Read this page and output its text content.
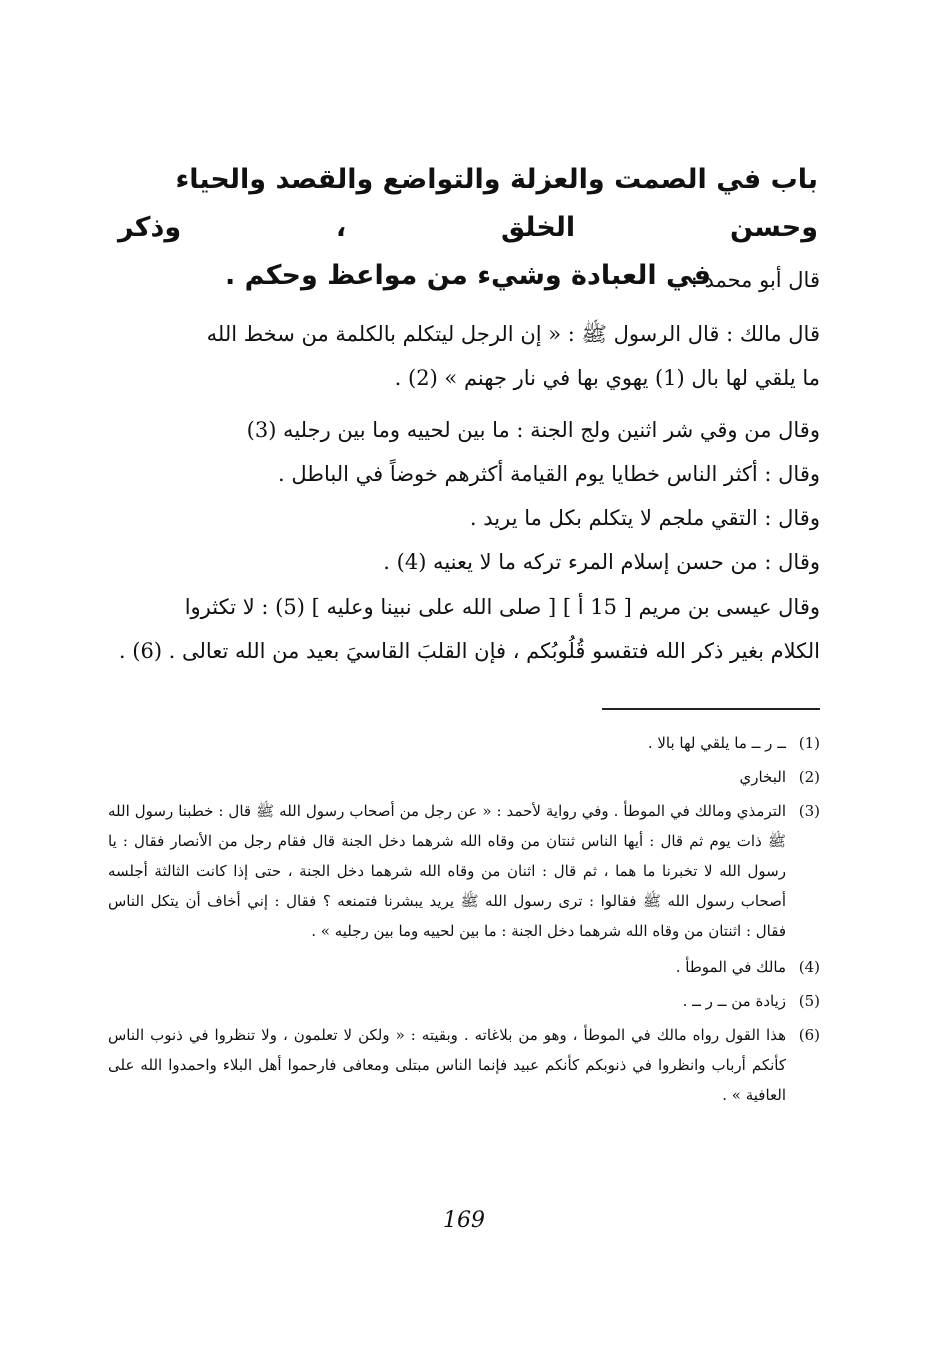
باب في الصمت والعزلة والتواضع والقصد والحياء وحسن الخلق ، وذكر
في العبادة وشيء من مواعظ وحكم .

قال أبو محمد :

قال مالك : قال الرسول ﷺ : « إن الرجل ليتكلم بالكلمة من سخط الله
ما يلقي لها بال (1) يهوي بها في نار جهنم » (2) .

وقال من وقي شر اثنين ولج الجنة : ما بين لحييه وما بين رجليه (3)
وقال : أكثر الناس خطايا يوم القيامة أكثرهم خوضاً في الباطل .
وقال : التقي ملجم لا يتكلم بكل ما يريد .
وقال : من حسن إسلام المرء تركه ما لا يعنيه (4) .

وقال عيسى بن مريم [ 15 أ ] [ صلى الله على نبينا وعليه ] (5) : لا تكثروا
الكلام بغير ذكر الله فتقسو قُلُوبُكم ، فإن القلبَ القاسيَ بعيد من الله تعالى . (6) .

(1)
ــ ر ــ ما يلقي لها بالا .

(2)
البخاري

(3)
الترمذي ومالك في الموطأ . وفي رواية لأحمد : « عن رجل من أصحاب رسول الله ﷺ قال : خطبنا رسول الله ﷺ ذات يوم ثم قال : أيها الناس ثنتان من وقاه الله شرهما دخل الجنة قال فقام رجل من الأنصار فقال : يا رسول الله لا تخبرنا ما هما ، ثم قال : اثنان من وقاه الله شرهما دخل الجنة ، حتى إذا كانت الثالثة أجلسه أصحاب رسول الله ﷺ فقالوا : ترى رسول الله ﷺ يريد يبشرنا فتمنعه ؟ فقال : إني أخاف أن يتكل الناس فقال : اثنتان من وقاه الله شرهما دخل الجنة : ما بين لحييه وما بين رجليه » .

(4)
مالك في الموطأ .

(5)
زيادة من ــ ر ــ .

(6)
هذا القول رواه مالك في الموطأ ، وهو من بلاغاته . وبقيته : « ولكن لا تعلمون ، ولا تنظروا في ذنوب الناس كأنكم أرباب وانظروا في ذنوبكم كأنكم عبيد فإنما الناس مبتلى ومعافى فارحموا أهل البلاء واحمدوا الله على العافية » .

169
